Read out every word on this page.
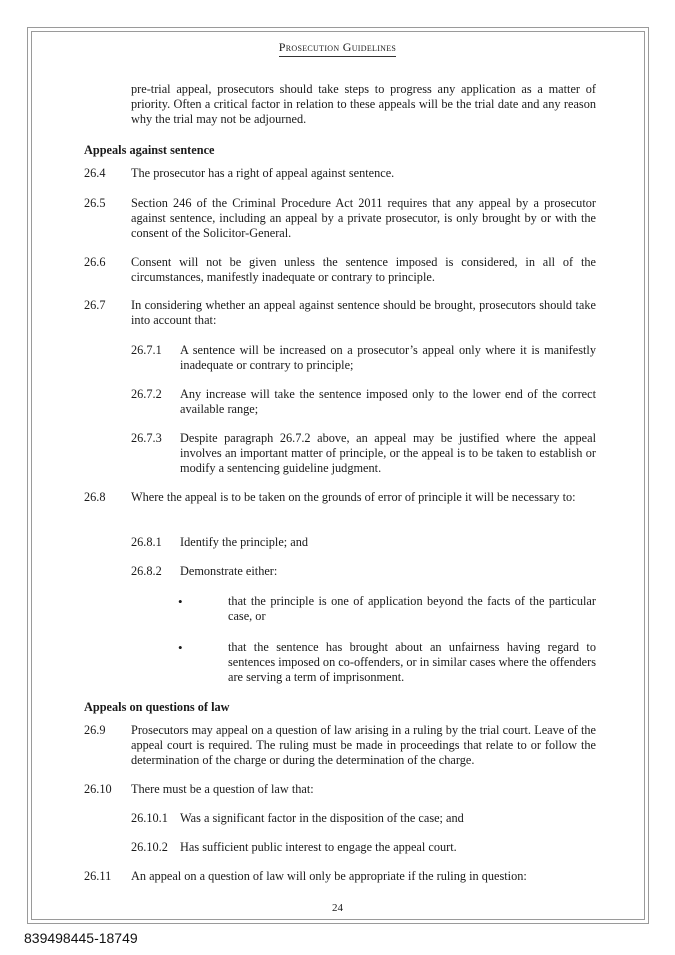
Prosecution Guidelines
pre-trial appeal, prosecutors should take steps to progress any application as a matter of priority. Often a critical factor in relation to these appeals will be the trial date and any reason why the trial may not be adjourned.
Appeals against sentence
26.4 The prosecutor has a right of appeal against sentence.
26.5 Section 246 of the Criminal Procedure Act 2011 requires that any appeal by a prosecutor against sentence, including an appeal by a private prosecutor, is only brought by or with the consent of the Solicitor-General.
26.6 Consent will not be given unless the sentence imposed is considered, in all of the circumstances, manifestly inadequate or contrary to principle.
26.7 In considering whether an appeal against sentence should be brought, prosecutors should take into account that:
26.7.1 A sentence will be increased on a prosecutor’s appeal only where it is manifestly inadequate or contrary to principle;
26.7.2 Any increase will take the sentence imposed only to the lower end of the correct available range;
26.7.3 Despite paragraph 26.7.2 above, an appeal may be justified where the appeal involves an important matter of principle, or the appeal is to be taken to establish or modify a sentencing guideline judgment.
26.8 Where the appeal is to be taken on the grounds of error of principle it will be necessary to:
26.8.1 Identify the principle; and
26.8.2 Demonstrate either:
•	that the principle is one of application beyond the facts of the particular case, or
•	that the sentence has brought about an unfairness having regard to sentences imposed on co-offenders, or in similar cases where the offenders are serving a term of imprisonment.
Appeals on questions of law
26.9 Prosecutors may appeal on a question of law arising in a ruling by the trial court. Leave of the appeal court is required. The ruling must be made in proceedings that relate to or follow the determination of the charge or during the determination of the charge.
26.10 There must be a question of law that:
26.10.1 Was a significant factor in the disposition of the case; and
26.10.2 Has sufficient public interest to engage the appeal court.
26.11 An appeal on a question of law will only be appropriate if the ruling in question:
24
839498445-18749
